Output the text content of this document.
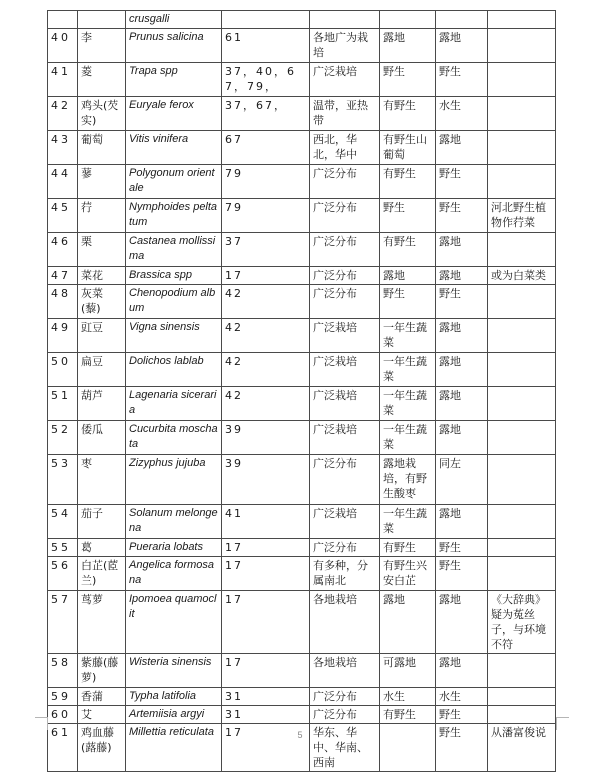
		crusgalli					
40	李	Prunus salicina	61	各地广为栽培	露地	露地	
41	菱	Trapa spp	37，40，67，79，	广泛栽培	野生	野生	
42	鸡头(芡实)	Euryale ferox	37，67，	温带，亚热带	有野生	水生	
43	葡萄	Vitis vinifera	67	西北，华北，华中	有野生山葡萄	露地	
44	蓼	Polygonum orientale	79	广泛分布	有野生	野生	
45	荇	Nymphoides peltatum	79	广泛分布	野生	野生	河北野生植物作荇菜
46	栗	Castanea mollissima	37	广泛分布	有野生	露地	
47	菜花	Brassica spp	17	广泛分布	露地	露地	或为白菜类
48	灰菜(藜)	Chenopodium album	42	广泛分布	野生	野生	
49	豇豆	Vigna sinensis	42	广泛栽培	一年生蔬菜	露地	
50	扁豆	Dolichos lablab	42	广泛栽培	一年生蔬菜	露地	
51	葫芦	Lagenaria siceraria	42	广泛栽培	一年生蔬菜	露地	
52	倭瓜	Cucurbita moschata	39	广泛栽培	一年生蔬菜	露地	
53	枣	Zizyphus jujuba	39	广泛分布	露地栽培，有野生酸枣	同左	
54	茄子	Solanum melongena	41	广泛栽培	一年生蔬菜	露地	
55	葛	Pueraria lobats	17	广泛分布	有野生	野生	
56	白芷(茝兰)	Angelica formosana	17	有多种，分属南北	有野生兴安白芷	野生	
57	茑萝	Ipomoea quamoclit	17	各地栽培	露地	露地	《大辞典》疑为菟丝子，与环境不符
58	紫藤(藤萝)	Wisteria sinensis	17	各地栽培	可露地	露地	
59	香蒲	Typha latifolia	31	广泛分布	水生	水生	
60	艾	Artemiisia argyi	31	广泛分布	有野生	野生	
61	鸡血藤(蕗藤)	Millettia reticulata	17	华东、华中、华南、西南		野生	从潘富俊说
5
